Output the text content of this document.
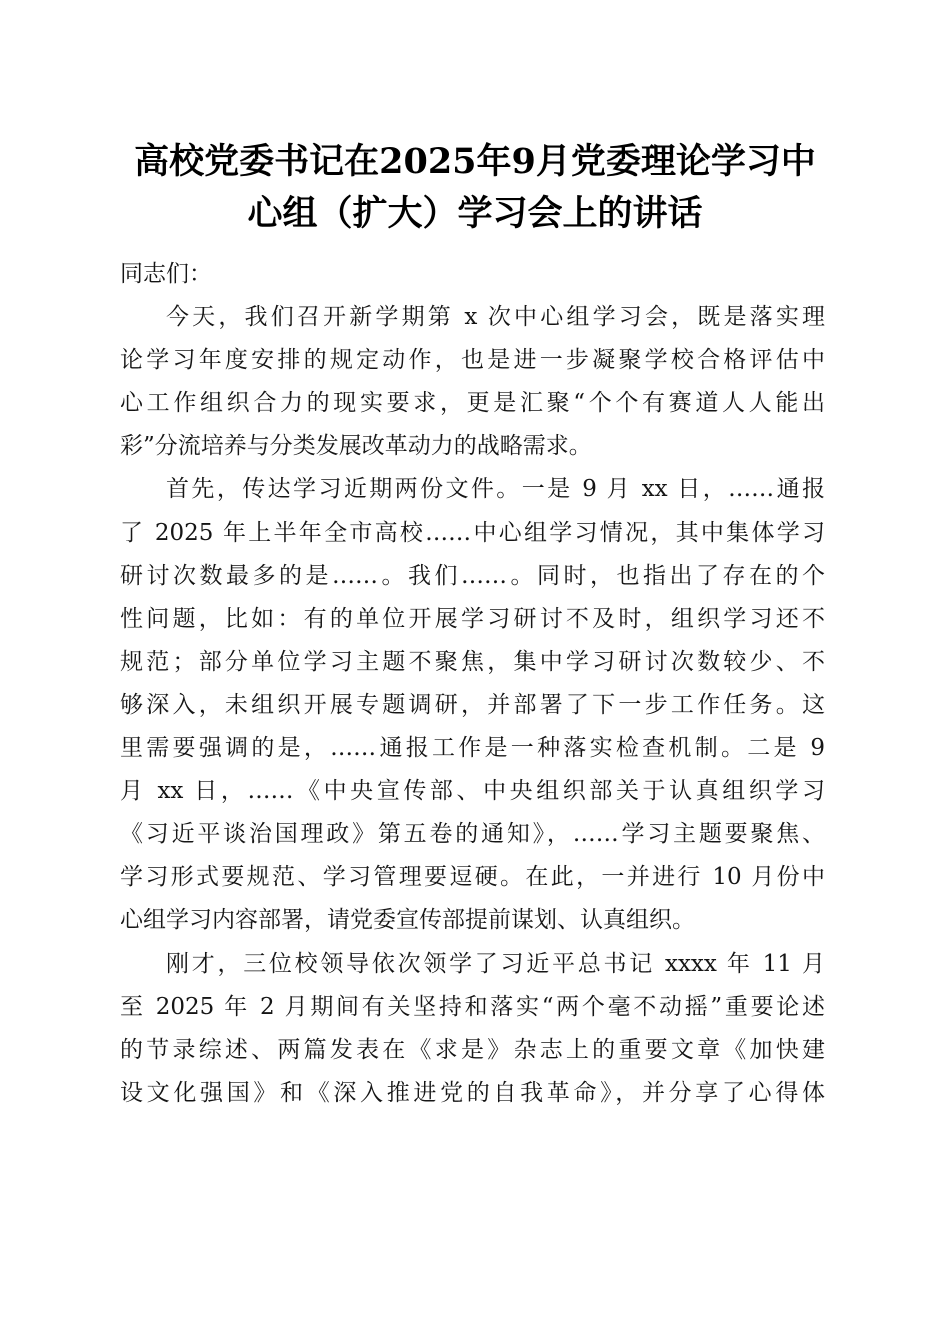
高校党委书记在2025年9月党委理论学习中
心组（扩大）学习会上的讲话

同志们：

今天，我们召开新学期第 x 次中心组学习会，既是落实理
论学习年度安排的规定动作，也是进一步凝聚学校合格评估中
心工作组织合力的现实要求，更是汇聚“个个有赛道人人能出
彩”分流培养与分类发展改革动力的战略需求。

首先，传达学习近期两份文件。一是 9 月 xx 日，……通报
了 2025 年上半年全市高校……中心组学习情况，其中集体学习
研讨次数最多的是……。我们……。同时，也指出了存在的个
性问题，比如：有的单位开展学习研讨不及时，组织学习还不
规范；部分单位学习主题不聚焦，集中学习研讨次数较少、不
够深入，未组织开展专题调研，并部署了下一步工作任务。这
里需要强调的是，……通报工作是一种落实检查机制。二是 9
月 xx 日，……《中央宣传部、中央组织部关于认真组织学习
《习近平谈治国理政》第五卷的通知》，……学习主题要聚焦、
学习形式要规范、学习管理要逗硬。在此，一并进行 10 月份中
心组学习内容部署，请党委宣传部提前谋划、认真组织。

刚才，三位校领导依次领学了习近平总书记 xxxx 年 11 月
至 2025 年 2 月期间有关坚持和落实“两个毫不动摇”重要论述
的节录综述、两篇发表在《求是》杂志上的重要文章《加快建
设文化强国》和《深入推进党的自我革命》，并分享了心得体
